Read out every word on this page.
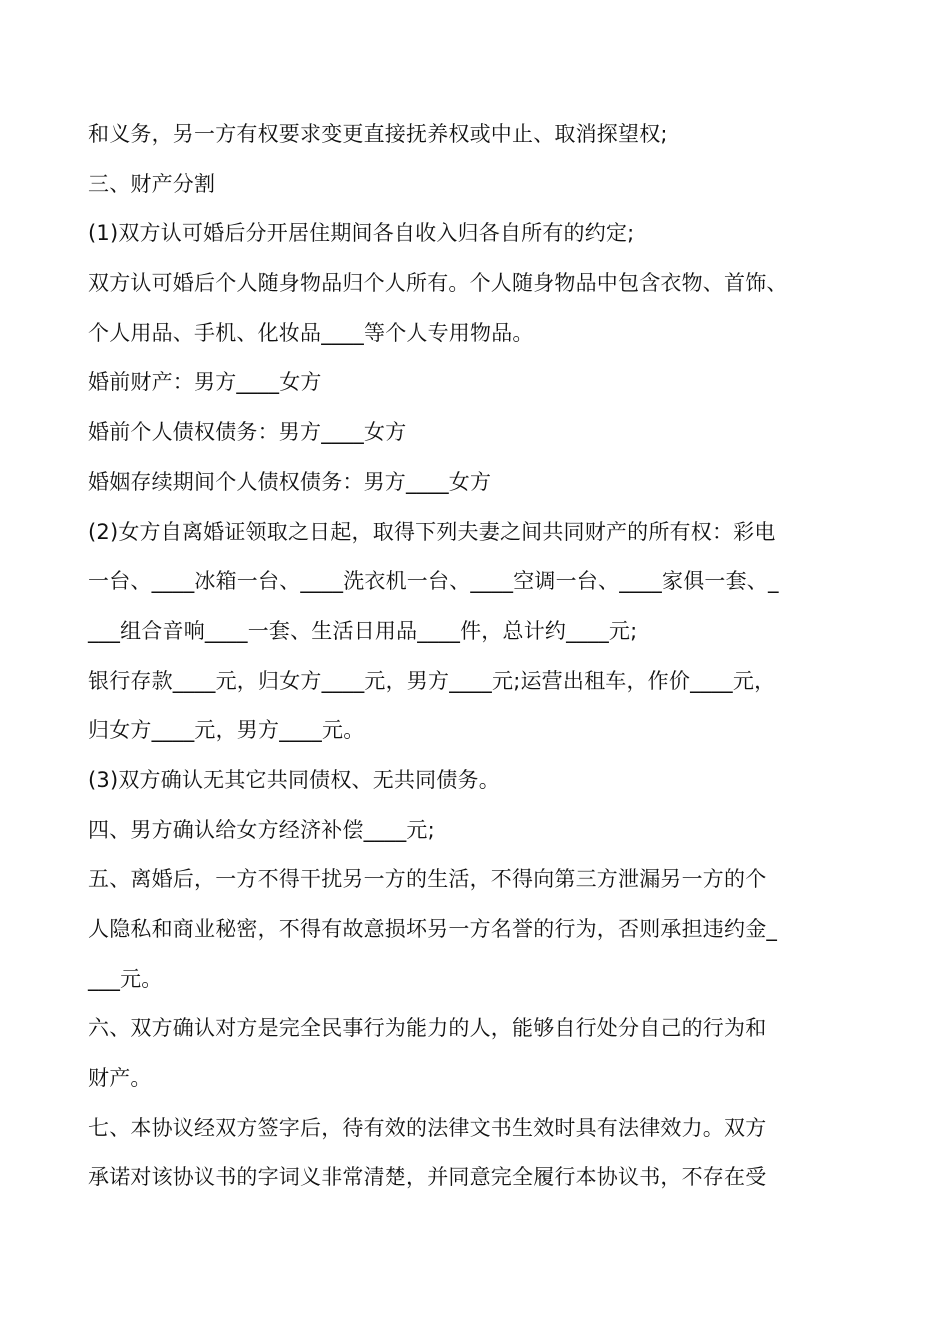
和义务，另一方有权要求变更直接抚养权或中止、取消探望权;
三、财产分割
(1)双方认可婚后分开居住期间各自收入归各自所有的约定;
双方认可婚后个人随身物品归个人所有。个人随身物品中包含衣物、首饰、
个人用品、手机、化妆品____等个人专用物品。
婚前财产：男方____女方
婚前个人债权债务：男方____女方
婚姻存续期间个人债权债务：男方____女方
(2)女方自离婚证领取之日起，取得下列夫妻之间共同财产的所有权：彩电
一台、____冰箱一台、____洗衣机一台、____空调一台、____家俱一套、_
___组合音响____一套、生活日用品____件，总计约____元;
银行存款____元，归女方____元，男方____元;运营出租车，作价____元，
归女方____元，男方____元。
(3)双方确认无其它共同债权、无共同债务。
四、男方确认给女方经济补偿____元;
五、离婚后，一方不得干扰另一方的生活，不得向第三方泄漏另一方的个
人隐私和商业秘密，不得有故意损坏另一方名誉的行为，否则承担违约金_
___元。
六、双方确认对方是完全民事行为能力的人，能够自行处分自己的行为和
财产。
七、本协议经双方签字后，待有效的法律文书生效时具有法律效力。双方
承诺对该协议书的字词义非常清楚，并同意完全履行本协议书，不存在受
